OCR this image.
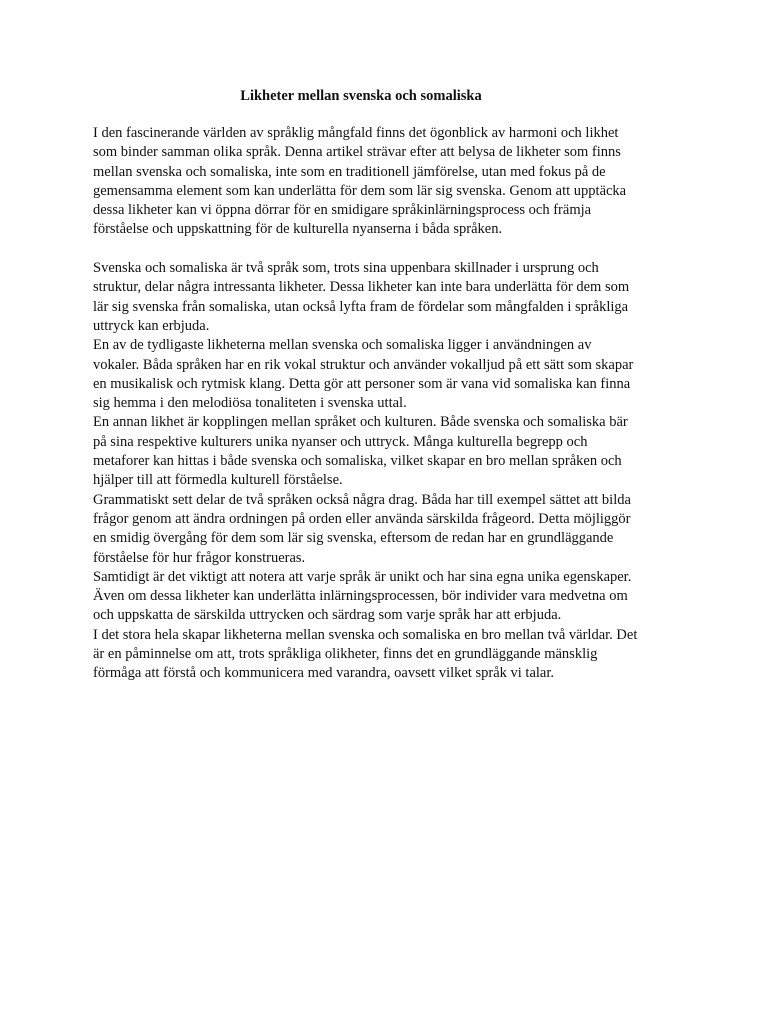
Likheter mellan svenska och somaliska
I den fascinerande världen av språklig mångfald finns det ögonblick av harmoni och likhet
som binder samman olika språk. Denna artikel strävar efter att belysa de likheter som finns
mellan svenska och somaliska, inte som en traditionell jämförelse, utan med fokus på de
gemensamma element som kan underlätta för dem som lär sig svenska. Genom att upptäcka
dessa likheter kan vi öppna dörrar för en smidigare språkinlärningsprocess och främja
förståelse och uppskattning för de kulturella nyanserna i båda språken.
Svenska och somaliska är två språk som, trots sina uppenbara skillnader i ursprung och
struktur, delar några intressanta likheter. Dessa likheter kan inte bara underlätta för dem som
lär sig svenska från somaliska, utan också lyfta fram de fördelar som mångfalden i språkliga
uttryck kan erbjuda.
En av de tydligaste likheterna mellan svenska och somaliska ligger i användningen av
vokaler. Båda språken har en rik vokal struktur och använder vokalljud på ett sätt som skapar
en musikalisk och rytmisk klang. Detta gör att personer som är vana vid somaliska kan finna
sig hemma i den melodiösa tonaliteten i svenska uttal.
En annan likhet är kopplingen mellan språket och kulturen. Både svenska och somaliska bär
på sina respektive kulturers unika nyanser och uttryck. Många kulturella begrepp och
metaforer kan hittas i både svenska och somaliska, vilket skapar en bro mellan språken och
hjälper till att förmedla kulturell förståelse.
Grammatiskt sett delar de två språken också några drag. Båda har till exempel sättet att bilda
frågor genom att ändra ordningen på orden eller använda särskilda frågeord. Detta möjliggör
en smidig övergång för dem som lär sig svenska, eftersom de redan har en grundläggande
förståelse för hur frågor konstrueras.
Samtidigt är det viktigt att notera att varje språk är unikt och har sina egna unika egenskaper.
Även om dessa likheter kan underlätta inlärningsprocessen, bör individer vara medvetna om
och uppskatta de särskilda uttrycken och särdrag som varje språk har att erbjuda.
I det stora hela skapar likheterna mellan svenska och somaliska en bro mellan två världar. Det
är en påminnelse om att, trots språkliga olikheter, finns det en grundläggande mänsklig
förmåga att förstå och kommunicera med varandra, oavsett vilket språk vi talar.
